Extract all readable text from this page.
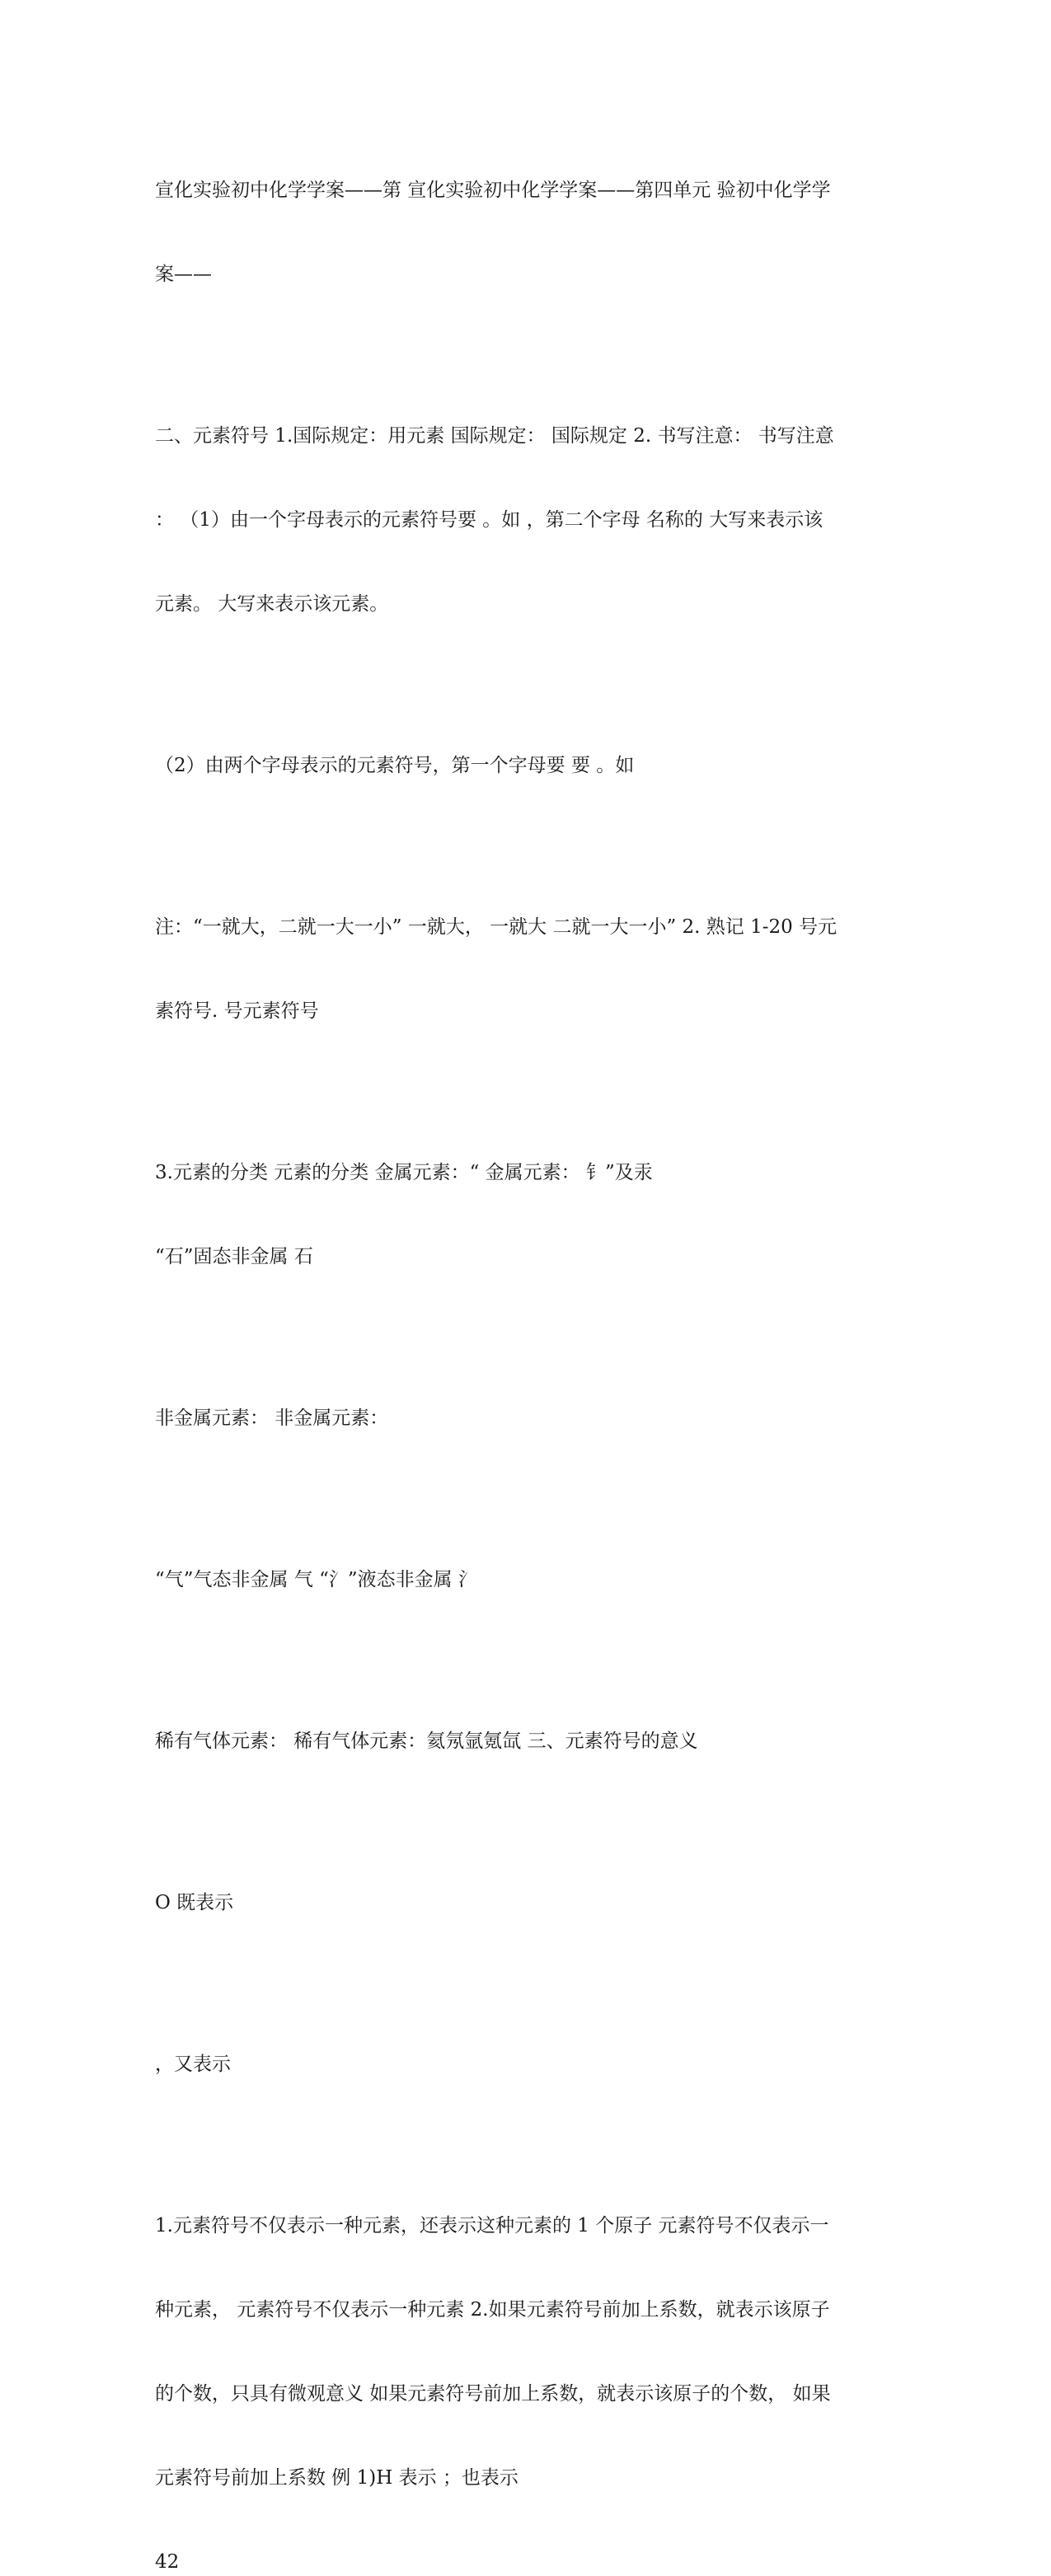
宣化实验初中化学学案——第 宣化实验初中化学学案——第四单元 验初中化学学

案——

二、元素符号 1.国际规定：用元素 国际规定： 国际规定 2. 书写注意： 书写注意

： （1）由一个字母表示的元素符号要 。如 ，第二个字母 名称的 大写来表示该

元素。 大写来表示该元素。

（2）由两个字母表示的元素符号，第一个字母要 要 。如

注：“一就大，二就一大一小” 一就大， 一就大 二就一大一小” 2. 熟记 1-20 号元

素符号. 号元素符号

3.元素的分类 元素的分类 金属元素：“ 金属元素： 钅”及汞

“石”固态非金属 石

非金属元素： 非金属元素：

“气”气态非金属 气 “氵”液态非金属 氵

稀有气体元素： 稀有气体元素：氦氖氩氪氙 三、元素符号的意义

O 既表示

，又表示

1.元素符号不仅表示一种元素，还表示这种元素的 1 个原子 元素符号不仅表示一

种元素， 元素符号不仅表示一种元素 2.如果元素符号前加上系数，就表示该原子

的个数，只具有微观意义 如果元素符号前加上系数，就表示该原子的个数， 如果

元素符号前加上系数 例 1)H 表示 ；也表示

42
